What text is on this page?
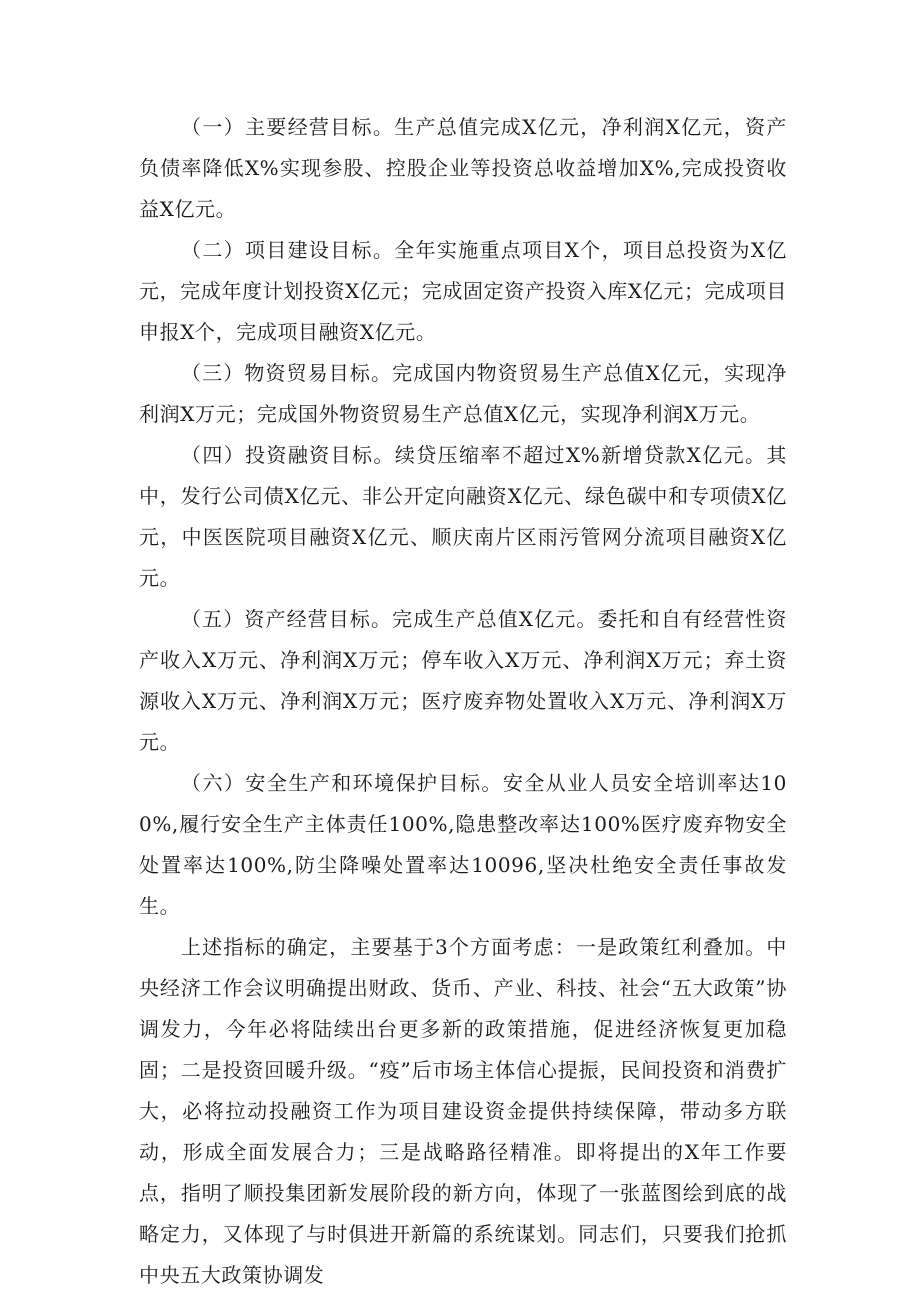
（一）主要经营目标。生产总值完成X亿元，净利润X亿元，资产负债率降低X%实现参股、控股企业等投资总收益增加X%,完成投资收益X亿元。

（二）项目建设目标。全年实施重点项目X个，项目总投资为X亿元，完成年度计划投资X亿元；完成固定资产投资入库X亿元；完成项目申报X个，完成项目融资X亿元。

（三）物资贸易目标。完成国内物资贸易生产总值X亿元，实现净利润X万元；完成国外物资贸易生产总值X亿元，实现净利润X万元。

（四）投资融资目标。续贷压缩率不超过X%新增贷款X亿元。其中，发行公司债X亿元、非公开定向融资X亿元、绿色碳中和专项债X亿元，中医医院项目融资X亿元、顺庆南片区雨污管网分流项目融资X亿元。

（五）资产经营目标。完成生产总值X亿元。委托和自有经营性资产收入X万元、净利润X万元；停车收入X万元、净利润X万元；弃土资源收入X万元、净利润X万元；医疗废弃物处置收入X万元、净利润X万元。

（六）安全生产和环境保护目标。安全从业人员安全培训率达100%,履行安全生产主体责任100%,隐患整改率达100%医疗废弃物安全处置率达100%,防尘降噪处置率达10096,坚决杜绝安全责任事故发生。

上述指标的确定，主要基于3个方面考虑：一是政策红利叠加。中央经济工作会议明确提出财政、货币、产业、科技、社会“五大政策”协调发力，今年必将陆续出台更多新的政策措施，促进经济恢复更加稳固；二是投资回暖升级。“疫”后市场主体信心提振，民间投资和消费扩大，必将拉动投融资工作为项目建设资金提供持续保障，带动多方联动，形成全面发展合力；三是战略路径精准。即将提出的X年工作要点，指明了顺投集团新发展阶段的新方向，体现了一张蓝图绘到底的战略定力，又体现了与时俱进开新篇的系统谋划。同志们，只要我们抢抓中央五大政策协调发
